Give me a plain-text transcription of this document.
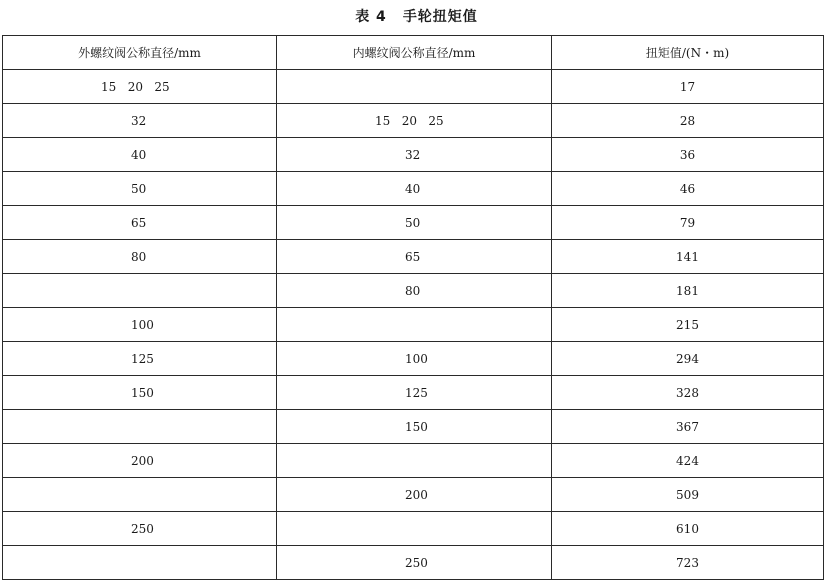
表 4 手轮扭矩值
外螺纹阀公称直径/mm	内螺纹阀公称直径/mm	扭矩值/(N・m)
15   20   25		17
32	15   20   25	28
40	32	36
50	40	46
65	50	79
80	65	141
	80	181
100		215
125	100	294
150	125	328
	150	367
200		424
	200	509
250		610
	250	723
